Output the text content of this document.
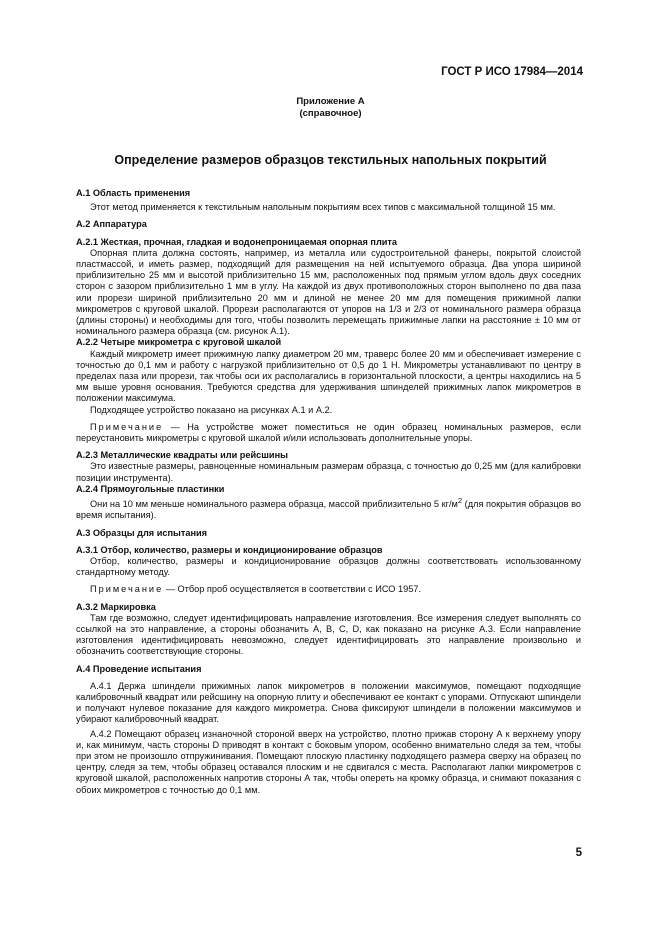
ГОСТ Р ИСО 17984—2014
Приложение А
(справочное)
Определение размеров образцов текстильных напольных покрытий

А.1 Область применения

Этот метод применяется к текстильным напольным покрытиям всех типов с максимальной толщиной 15 мм.

А.2 Аппаратура

А.2.1 Жесткая, прочная, гладкая и водонепроницаемая опорная плита

Опорная плита должна состоять, например, из металла или судостроительной фанеры, покрытой слоистой пластмассой, и иметь размер, подходящий для размещения на ней испытуемого образца. Два упора шириной приблизительно 25 мм и высотой приблизительно 15 мм, расположенных под прямым углом вдоль двух соседних сторон с зазором приблизительно 1 мм в углу. На каждой из двух противоположных сторон выполнено по два паза или прорези шириной приблизительно 20 мм и длиной не менее 20 мм для помещения прижимной лапки микрометров с круговой шкалой. Прорези располагаются от упоров на 1/3 и 2/3 от номинального размера образца (длины стороны) и необходимы для того, чтобы позволить перемещать прижимные лапки на расстояние ± 10 мм от номинального размера образца (см. рисунок А.1).

А.2.2 Четыре микрометра с круговой шкалой

Каждый микрометр имеет прижимную лапку диаметром 20 мм, траверс более 20 мм и обеспечивает измерение с точностью до 0,1 мм и работу с нагрузкой приблизительно от 0,5 до 1 Н. Микрометры устанавливают по центру в пределах паза или прорези, так чтобы оси их располагались в горизонтальной плоскости, а центры находились на 5 мм выше уровня основания. Требуются средства для удерживания шпинделей прижимных лапок микрометров в положении максимума.

Подходящее устройство показано на рисунках А.1 и А.2.

Примечание — На устройстве может поместиться не один образец номинальных размеров, если переустановить микрометры с круговой шкалой и/или использовать дополнительные упоры.

А.2.3 Металлические квадраты или рейсшины

Это известные размеры, равноценные номинальным размерам образца, с точностью до 0,25 мм (для калибровки позиции инструмента).

А.2.4 Прямоугольные пластинки

Они на 10 мм меньше номинального размера образца, массой приблизительно 5 $кг/м^2$ (для покрытия образцов во время испытания).

А.3 Образцы для испытания

А.3.1 Отбор, количество, размеры и кондиционирование образцов

Отбор, количество, размеры и кондиционирование образцов должны соответствовать использованному стандартному методу.

Примечание — Отбор проб осуществляется в соответствии с ИСО 1957.

А.3.2 Маркировка

Там где возможно, следует идентифицировать направление изготовления. Все измерения следует выполнять со ссылкой на это направление, а стороны обозначить А, В, С, D, как показано на рисунке А.3. Если направление изготовления идентифицировать невозможно, следует идентифицировать это направление произвольно и обозначить соответствующие стороны.

А.4 Проведение испытания

А.4.1 Держа шпиндели прижимных лапок микрометров в положении максимумов, помещают подходящие калибровочный квадрат или рейсшину на опорную плиту и обеспечивают ее контакт с упорами. Отпускают шпиндели и получают нулевое показание для каждого микрометра. Снова фиксируют шпиндели в положении максимумов и убирают калибровочный квадрат.

А.4.2 Помещают образец изнаночной стороной вверх на устройство, плотно прижав сторону А к верхнему упору и, как минимум, часть стороны D приводят в контакт с боковым упором, особенно внимательно следя за тем, чтобы при этом не произошло отпружинивания. Помещают плоскую пластинку подходящего размера сверху на образец по центру, следя за тем, чтобы образец оставался плоским и не сдвигался с места. Располагают лапки микрометров с круговой шкалой, расположенных напротив стороны А так, чтобы опереть на кромку образца, и снимают показания с обоих микрометров с точностью до 0,1 мм.

5
